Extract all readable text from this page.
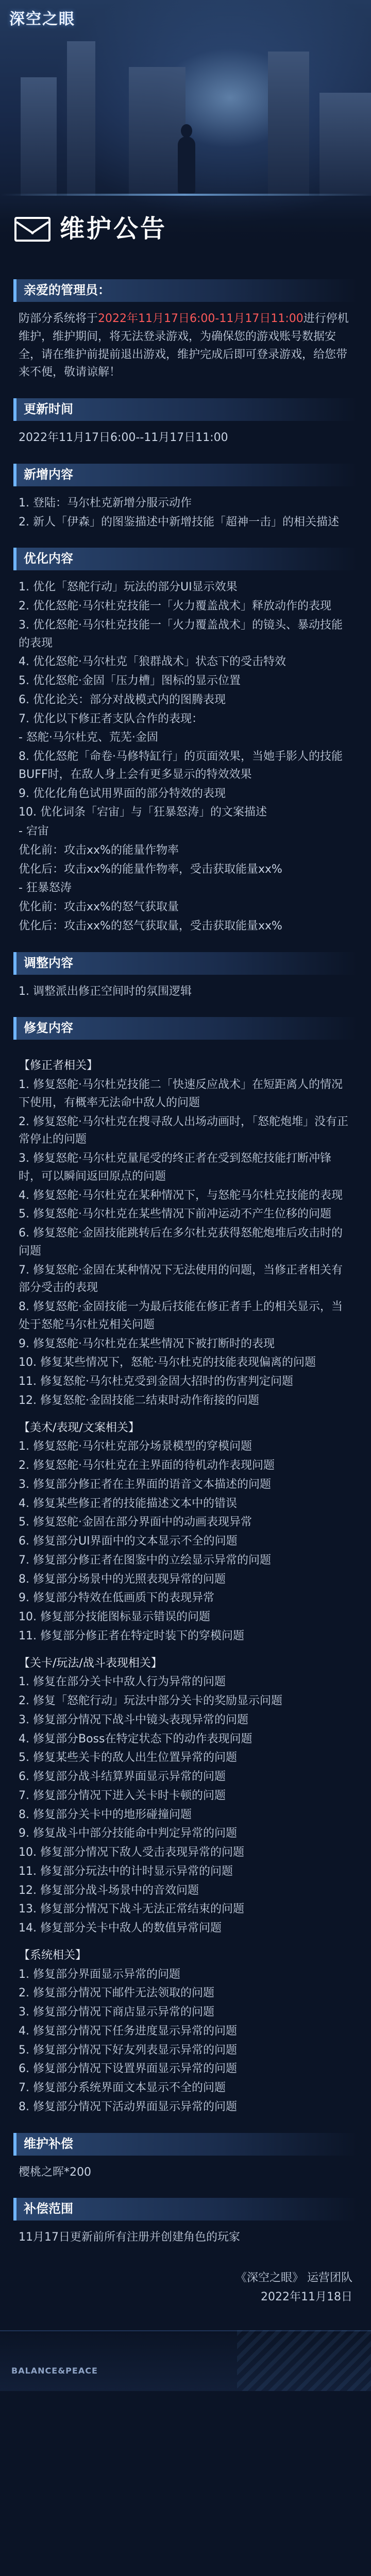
深空之眼
维护公告
亲爱的管理员：

防部分系统将于2022年11月17日6:00-11月17日11:00进行停机维护，维护期间，将无法登录游戏，为确保您的游戏账号数据安全，请在维护前提前退出游戏，维护完成后即可登录游戏，给您带来不便，敬请谅解！

更新时间

2022年11月17日6:00--11月17日11:00

新增内容

1. 登陆：马尔杜克新增分服示动作

2. 新人「伊森」的图鉴描述中新增技能「超神一击」的相关描述

优化内容

1. 优化「怒舵行动」玩法的部分UI显示效果

2. 优化怒舵·马尔杜克技能一「火力覆盖战术」释放动作的表现

3. 优化怒舵·马尔杜克技能一「火力覆盖战术」的镜头、暴动技能的表现

4. 优化怒舵·马尔杜克「狼群战术」状态下的受击特效

5. 优化怒舵·金固「压力槽」图标的显示位置

6. 优化论关：部分对战模式内的图腾表现

7. 优化以下修正者支队合作的表现：

- 怒舵·马尔杜克、荒芜·金固

8. 优化怒舵「命卷·马修特缸行」的页面效果，当她手影人的技能BUFF时，在敌人身上会有更多显示的特效效果

9. 优化化角色试用界面的部分特效的表现

10. 优化词条「宕宙」与「狂暴怒涛」的文案描述

- 宕宙

优化前：攻击xx%的能量作物率

优化后：攻击xx%的能量作物率，受击获取能量xx%

- 狂暴怒涛

优化前：攻击xx%的怒气获取量

优化后：攻击xx%的怒气获取量，受击获取能量xx%

调整内容

1. 调整派出修正空间时的氛围逻辑

修复内容

【修正者相关】

1. 修复怒舵·马尔杜克技能二「快速反应战术」在短距离人的情况下使用，有概率无法命中敌人的问题

2. 修复怒舵·马尔杜克在搜寻敌人出场动画时，「怒舵炮堆」没有正常停止的问题

3. 修复怒舵·马尔杜克量尾受的终正者在受到怒舵技能打断冲锋时，可以瞬间返回原点的问题

4. 修复怒舵·马尔杜克在某种情况下，与怒舵马尔杜克技能的表现

5. 修复怒舵·马尔杜克在某些情况下前冲运动不产生位移的问题

6. 修复怒舵·金固技能跳转后在多尔杜克获得怒舵炮堆后攻击时的问题

7. 修复怒舵·金固在某种情况下无法使用的问题，当修正者相关有部分受击的表现

8. 修复怒舵·金固技能一为最后技能在修正者手上的相关显示，当处于怒舵马尔杜克相关问题

9. 修复怒舵·马尔杜克在某些情况下被打断时的表现

10. 修复某些情况下，怒舵·马尔杜克的技能表现偏离的问题

11. 修复怒舵·马尔杜克受到金固大招时的伤害判定问题

12. 修复怒舵·金固技能二结束时动作衔接的问题

【美术/表现/文案相关】

1. 修复怒舵·马尔杜克部分场景模型的穿模问题

2. 修复怒舵·马尔杜克在主界面的待机动作表现问题

3. 修复部分修正者在主界面的语音文本描述的问题

4. 修复某些修正者的技能描述文本中的错误

5. 修复怒舵·金固在部分界面中的动画表现异常

6. 修复部分UI界面中的文本显示不全的问题

7. 修复部分修正者在图鉴中的立绘显示异常的问题

8. 修复部分场景中的光照表现异常的问题

9. 修复部分特效在低画质下的表现异常

10. 修复部分技能图标显示错误的问题

11. 修复部分修正者在特定时装下的穿模问题

【关卡/玩法/战斗表现相关】

1. 修复在部分关卡中敌人行为异常的问题

2. 修复「怒舵行动」玩法中部分关卡的奖励显示问题

3. 修复部分情况下战斗中镜头表现异常的问题

4. 修复部分Boss在特定状态下的动作表现问题

5. 修复某些关卡的敌人出生位置异常的问题

6. 修复部分战斗结算界面显示异常的问题

7. 修复部分情况下进入关卡时卡顿的问题

8. 修复部分关卡中的地形碰撞问题

9. 修复战斗中部分技能命中判定异常的问题

10. 修复部分情况下敌人受击表现异常的问题

11. 修复部分玩法中的计时显示异常的问题

12. 修复部分战斗场景中的音效问题

13. 修复部分情况下战斗无法正常结束的问题

14. 修复部分关卡中敌人的数值异常问题

【系统相关】

1. 修复部分界面显示异常的问题

2. 修复部分情况下邮件无法领取的问题

3. 修复部分情况下商店显示异常的问题

4. 修复部分情况下任务进度显示异常的问题

5. 修复部分情况下好友列表显示异常的问题

6. 修复部分情况下设置界面显示异常的问题

7. 修复部分系统界面文本显示不全的问题

8. 修复部分情况下活动界面显示异常的问题

维护补偿

樱桃之晖*200

补偿范围

11月17日更新前所有注册并创建角色的玩家

《深空之眼》 运营团队

2022年11月18日

BALANCE&PEACE
